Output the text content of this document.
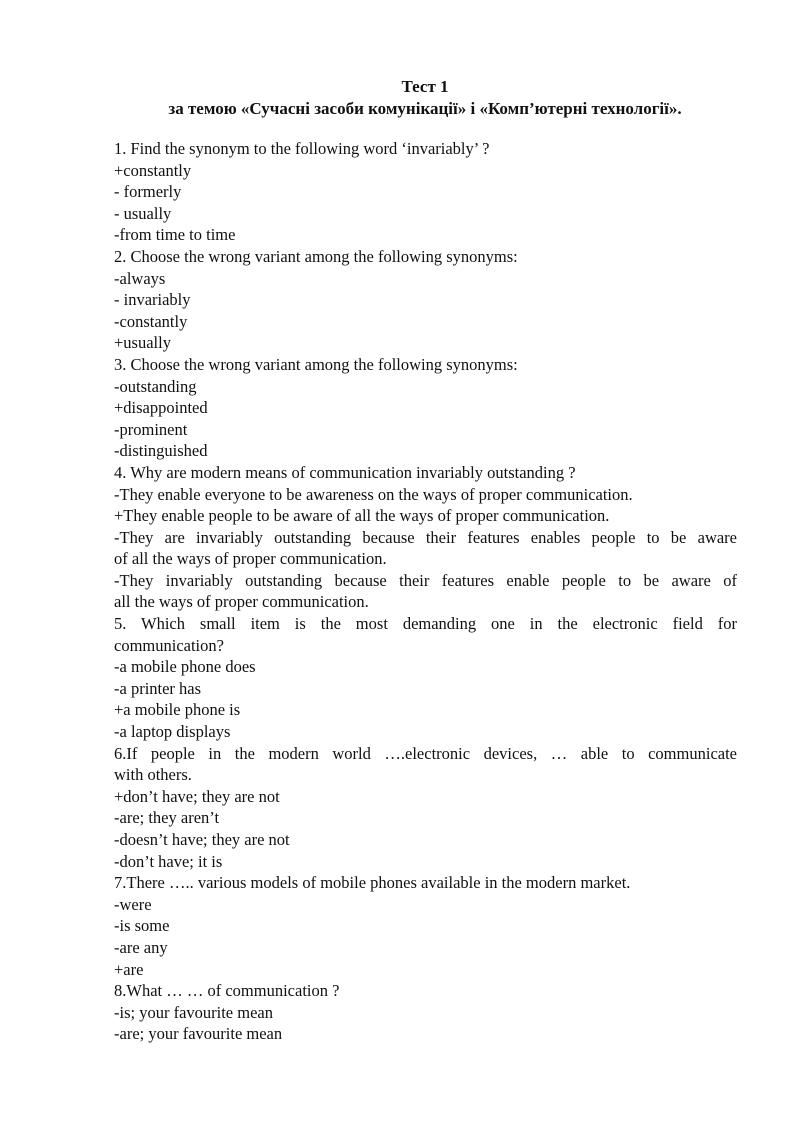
Тест 1
за темою «Сучасні засоби комунікації» і «Комп’ютерні технології».
1. Find the synonym to the following word ‘invariably’ ?
+constantly
- formerly
- usually
-from time to time
2. Choose the wrong variant among the following synonyms:
-always
- invariably
-constantly
+usually
3. Choose the wrong variant among the following synonyms:
-outstanding
+disappointed
-prominent
-distinguished
4. Why are modern means of communication invariably outstanding ?
-They enable everyone to be awareness on the ways of proper communication.
+They enable people to be aware of all the ways of proper communication.
-They are invariably outstanding because their features enables people to be aware
of all the ways of proper communication.
-They invariably outstanding because their features enable people to be aware of
all the ways of proper communication.
5. Which small item is the most demanding one in the electronic field for
communication?
-a mobile phone does
-a printer has
+a mobile phone is
-a laptop displays
6.If people in the modern world ….electronic devices, … able to communicate
with others.
+don’t have; they are not
-are; they aren’t
-doesn’t have; they are not
-don’t have; it is
7.There ….. various models of mobile phones available in the modern market.
-were
-is some
-are any
+are
8.What … … of communication ?
-is; your favourite mean
-are; your favourite mean
